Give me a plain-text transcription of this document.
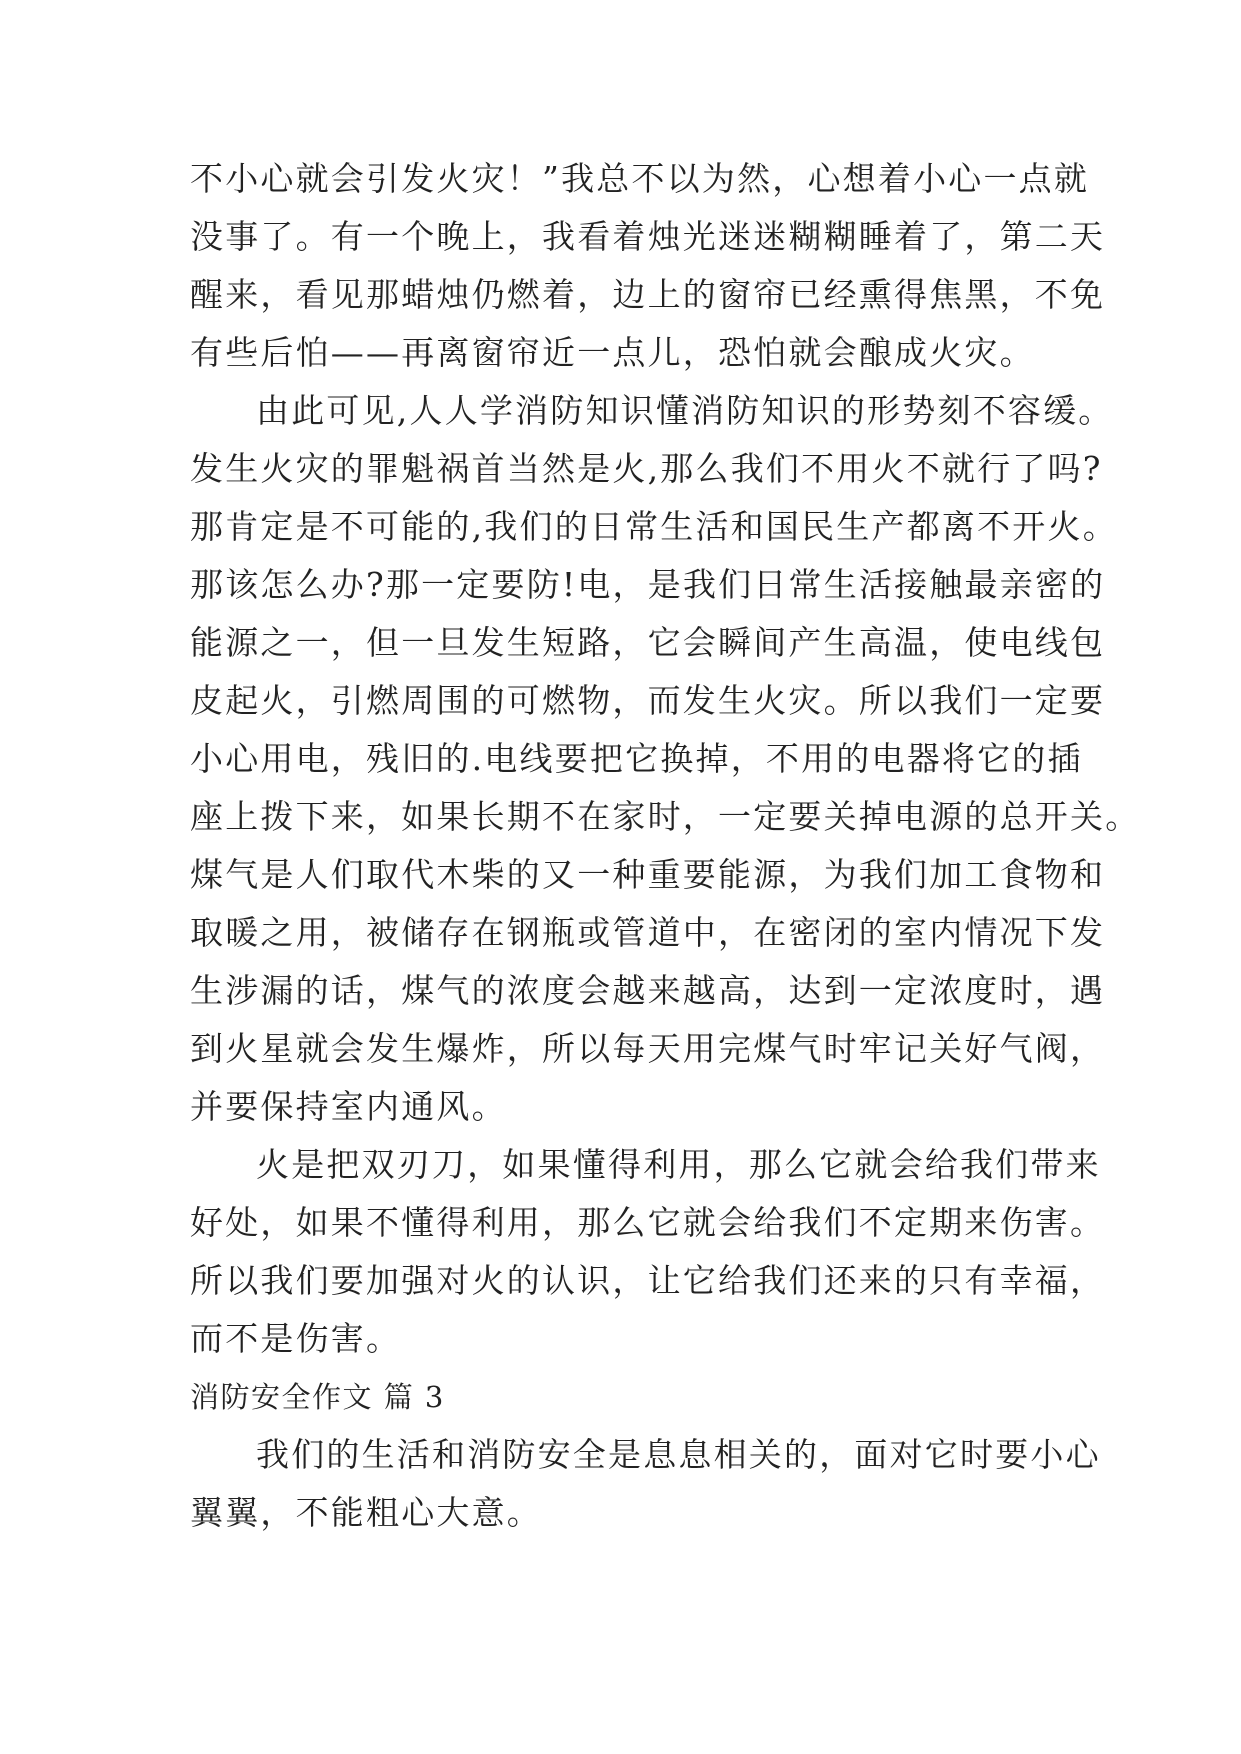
不小心就会引发火灾！”我总不以为然，心想着小心一点就
没事了。有一个晚上，我看着烛光迷迷糊糊睡着了，第二天
醒来，看见那蜡烛仍燃着，边上的窗帘已经熏得焦黑，不免
有些后怕——再离窗帘近一点儿，恐怕就会酿成火灾。
由此可见,人人学消防知识懂消防知识的形势刻不容缓。
发生火灾的罪魁祸首当然是火,那么我们不用火不就行了吗?
那肯定是不可能的,我们的日常生活和国民生产都离不开火。
那该怎么办?那一定要防!电，是我们日常生活接触最亲密的
能源之一，但一旦发生短路，它会瞬间产生高温，使电线包
皮起火，引燃周围的可燃物，而发生火灾。所以我们一定要
小心用电，残旧的.电线要把它换掉，不用的电器将它的插
座上拨下来，如果长期不在家时，一定要关掉电源的总开关。
煤气是人们取代木柴的又一种重要能源，为我们加工食物和
取暖之用，被储存在钢瓶或管道中，在密闭的室内情况下发
生涉漏的话，煤气的浓度会越来越高，达到一定浓度时，遇
到火星就会发生爆炸，所以每天用完煤气时牢记关好气阀，
并要保持室内通风。
火是把双刃刀，如果懂得利用，那么它就会给我们带来
好处，如果不懂得利用，那么它就会给我们不定期来伤害。
所以我们要加强对火的认识，让它给我们还来的只有幸福，
而不是伤害。
消防安全作文 篇 3
我们的生活和消防安全是息息相关的，面对它时要小心
翼翼，不能粗心大意。
